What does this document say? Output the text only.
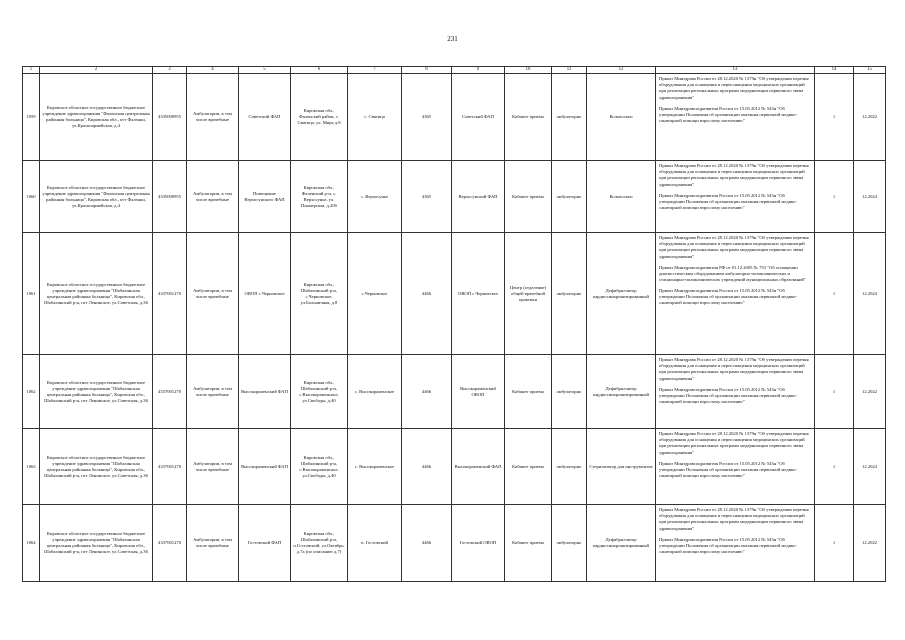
231
1	2	3	4	5	6	7	8	9	10	11	12	13	14	15
1059	Кировское областное государственное бюджетное учреждение здравоохранения "Фаленская центральная районная больница", Кировская обл., пгт Фаленки, ул.Красноармейская, д.4	4335000955	Амбулатории, в том числе врачебные	Советский ФАП	Кировская обл., Фаленский район, с. Святица, ул. Мира д.8	с. Святица	4365	Советский ФАП	Кабинет приема	амбулаторно	Кольпоскоп	Приказ Минздрава России от 28.12.2020 № 1379н "Об утверждении перечня оборудования для оснащения и переоснащения медицинских организаций при реализации региональных программ модернизации первичного звена здравоохранения"

Приказ Минздравсоцразвития России от 15.05.2012 № 543н "Об утверждении Положения об организации оказания первичной медико-санитарной помощи взрослому населению"	1	12.2022
1060	Кировское областное государственное бюджетное учреждение здравоохранения "Фаленская центральная районная больница", Кировская обл., пгт Фаленки, ул.Красноармейская, д.4	4335000955	Амбулатории, в том числе врачебные	Помещение Верхосунского ФАП	Кировская обл., Фаленский р-н, с. Верхосунье, ул. Пионерская, д.20б	с. Верхосунье	4365	Верхосунский ФАП	Кабинет приема	амбулаторно	Кольпоскоп	Приказ Минздрава России от 28.12.2020 № 1379н "Об утверждении перечня оборудования для оснащения и переоснащения медицинских организаций при реализации региональных программ модернизации первичного звена здравоохранения"

Приказ Минздравсоцразвития России от 15.05.2012 № 543н "Об утверждении Положения об организации оказания первичной медико-санитарной помощи взрослому населению"	1	12.2024
1061	Кировское областное государственное бюджетное учреждение здравоохранения "Шабалинская центральная районная больница", Кировская обл., Шабалинский р-н, пгт Ленинское, ул.Советская, д.36	4337001270	Амбулатории, в том числе врачебные	ОВОП с.Черновское	Кировская обл., Шабалинский р-н, с.Черновское, ул.Больничная, д.8	с.Черновское	4466	ОВОП с.Черновское	Центр (отделение) общей врачебной практики	амбулаторно	Дефибриллятор кардиосинхронизированный	Приказ Минздрава России от 28.12.2020 № 1379н "Об утверждении перечня оборудования для оснащения и переоснащения медицинских организаций при реализации региональных программ модернизации первичного звена здравоохранения"

Приказ Минздравсоцразвития РФ от 01.12.2005 № 753 "Об оснащении диагностическим оборудованием амбулаторно-поликлинических и стационарно-поликлинических учреждений муниципальных образований"

Приказ Минздравсоцразвития России от 15.05.2012 № 543н "Об утверждении Положения об организации оказания первичной медико-санитарной помощи взрослому населению"	1	12.2024
1062	Кировское областное государственное бюджетное учреждение здравоохранения "Шабалинская центральная районная больница", Кировская обл., Шабалинский р-н, пгт Ленинское, ул.Советская, д.36	4337001270	Амбулатории, в том числе врачебные	Высокораменский ФАП	Кировская обл., Шабалинский р-н, с.Высокораменское, ул.Свободы, д.40	с. Высокораменское	4466	Высокораменский ОВОП	Кабинет приема	амбулаторно	Дефибриллятор кардиосинхронизированный	Приказ Минздрава России от 28.12.2020 № 1379н "Об утверждении перечня оборудования для оснащения и переоснащения медицинских организаций при реализации региональных программ модернизации первичного звена здравоохранения"

Приказ Минздравсоцразвития России от 15.05.2012 № 543н "Об утверждении Положения об организации оказания первичной медико-санитарной помощи взрослому населению"	1	12.2022
1063	Кировское областное государственное бюджетное учреждение здравоохранения "Шабалинская центральная районная больница", Кировская обл., Шабалинский р-н, пгт Ленинское, ул.Советская, д.36	4337001270	Амбулатории, в том числе врачебные	Высокораменский ФАП	Кировская обл., Шабалинский р-н, с.Высокораменское, ул.Свободы, д.40	с. Высокораменское	4466	Высокораменский ФАП	Кабинет приема	амбулаторно	Стерилизатор для инструментов	Приказ Минздрава России от 28.12.2020 № 1379н "Об утверждении перечня оборудования для оснащения и переоснащения медицинских организаций при реализации региональных программ модернизации первичного звена здравоохранения"

Приказ Минздравсоцразвития России от 15.05.2012 № 543н "Об утверждении Положения об организации оказания первичной медико-санитарной помощи взрослому населению"	1	12.2024
1064	Кировское областное государственное бюджетное учреждение здравоохранения "Шабалинская центральная районная больница", Кировская обл., Шабалинский р-н, пгт Ленинское, ул.Советская, д.36	4337001270	Амбулатории, в том числе врачебные	Гостовский ФАП	Кировская обл., Шабалинский р-н, п.Гостовский, ул.Октябрь, д.7а (по описанию д.7)	п. Гостовский	4466	Гостовский ОВОП	Кабинет приема	амбулаторно	Дефибриллятор кардиосинхронизированный	Приказ Минздрава России от 28.12.2020 № 1379н "Об утверждении перечня оборудования для оснащения и переоснащения медицинских организаций при реализации региональных программ модернизации первичного звена здравоохранения"

Приказ Минздравсоцразвития России от 15.05.2012 № 543н "Об утверждении Положения об организации оказания первичной медико-санитарной помощи взрослому населению"	1	12.2022
